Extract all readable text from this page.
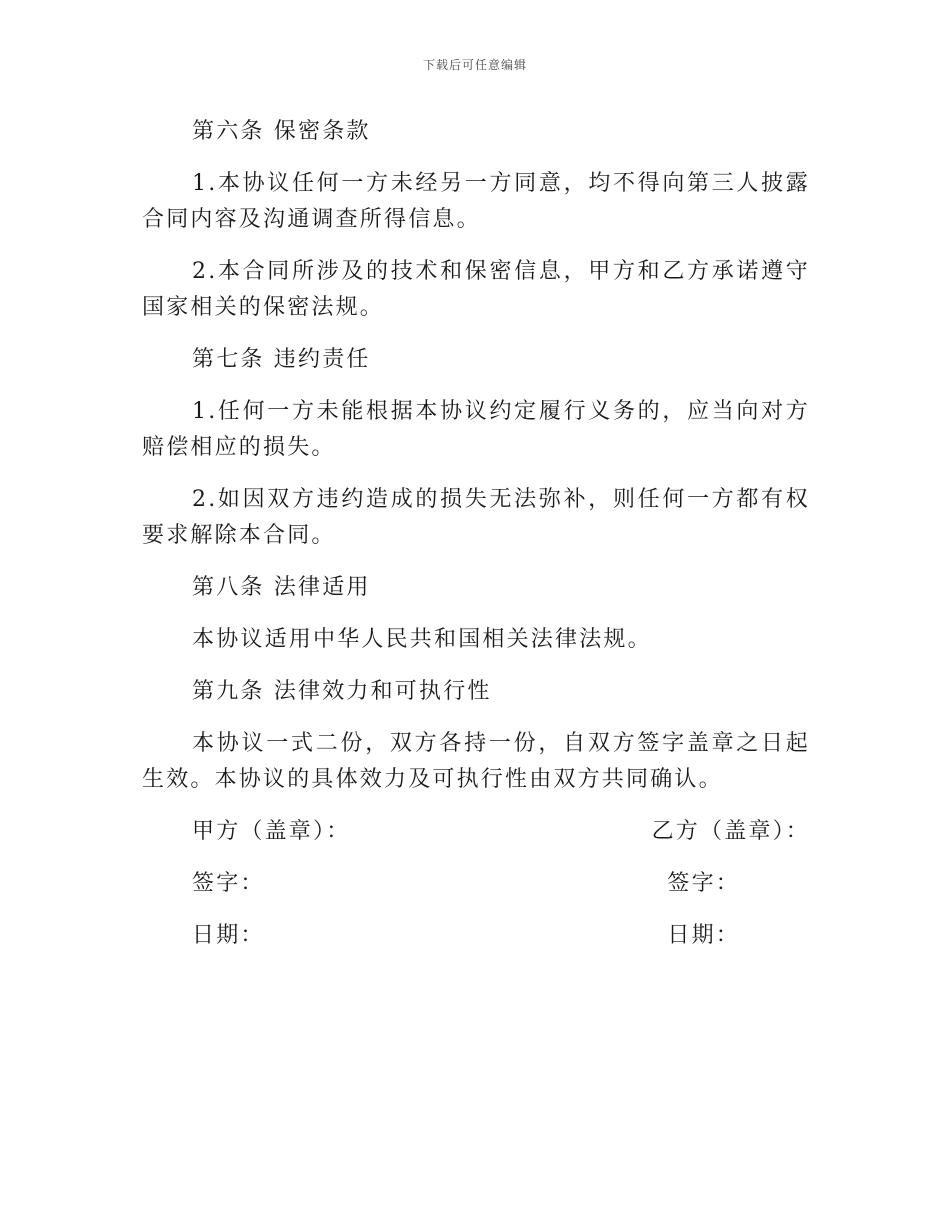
下载后可任意编辑

第六条 保密条款

1.本协议任何一方未经另一方同意，均不得向第三人披露合同内容及沟通调查所得信息。

2.本合同所涉及的技术和保密信息，甲方和乙方承诺遵守国家相关的保密法规。

第七条 违约责任

1.任何一方未能根据本协议约定履行义务的，应当向对方赔偿相应的损失。

2.如因双方违约造成的损失无法弥补，则任何一方都有权要求解除本合同。

第八条 法律适用

本协议适用中华人民共和国相关法律法规。

第九条 法律效力和可执行性

本协议一式二份，双方各持一份，自双方签字盖章之日起生效。本协议的具体效力及可执行性由双方共同确认。

甲方（盖章）：	乙方（盖章）：
签字：	签字：
日期：	日期：
